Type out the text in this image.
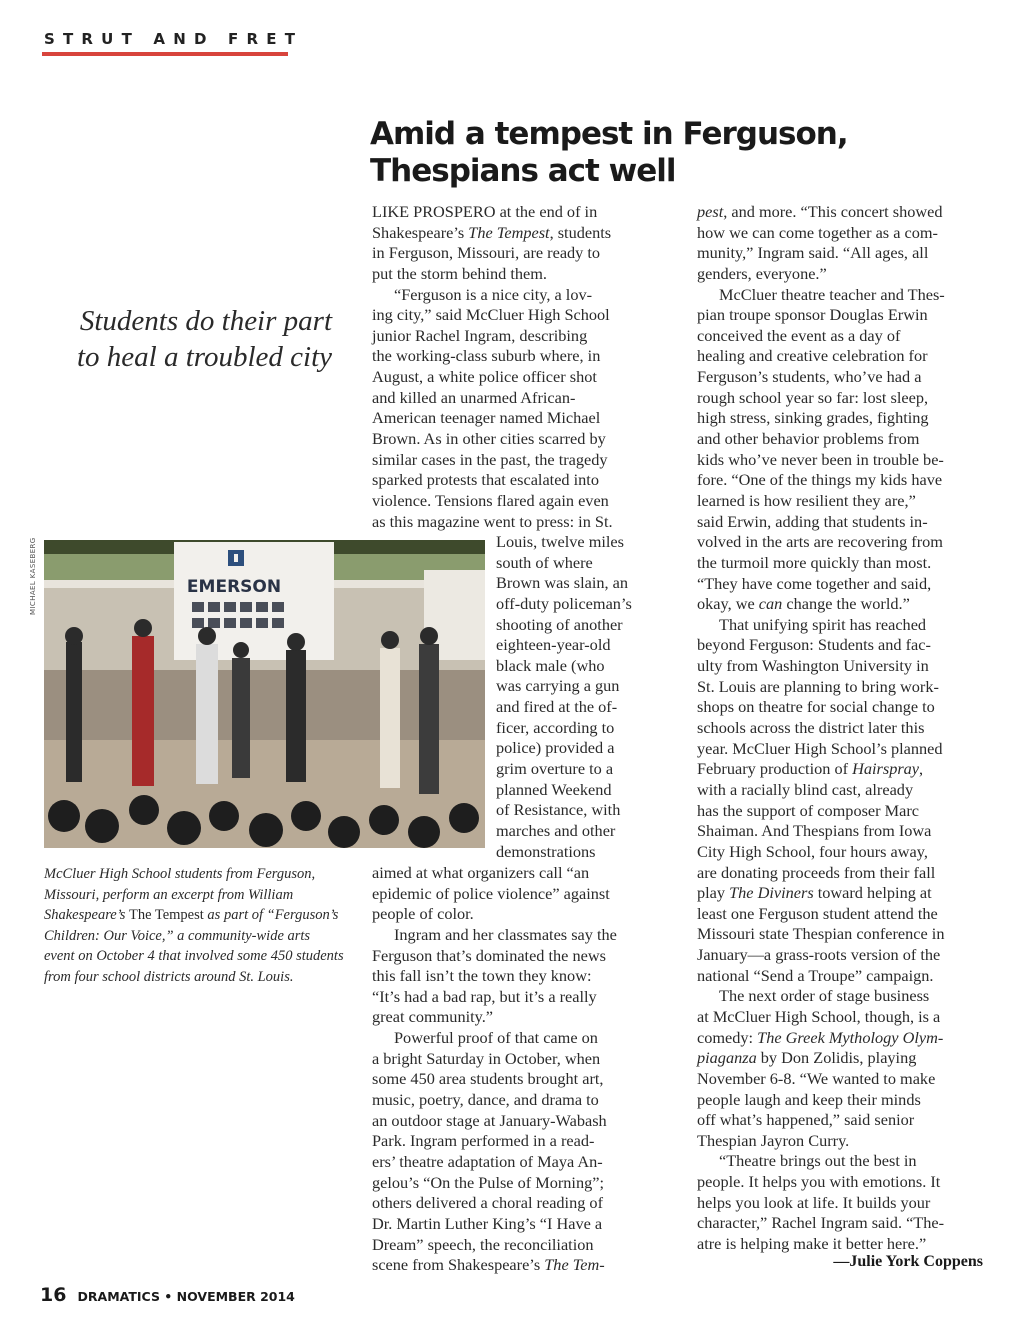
STRUT AND FRET
Amid a tempest in Ferguson,
Thespians act well
Students do their part
to heal a troubled city
MICHAEL KASEBERG	EMERSON
McCluer High School students from Ferguson, Missouri, perform an excerpt from William Shakespeare’s The Tempest as part of “Ferguson’s Children: Our Voice,” a community-wide arts event on October 4 that involved some 450 students from four school districts around St. Louis.
LIKE PROSPERO at the end of in
Shakespeare’s The Tempest, students
in Ferguson, Missouri, are ready to
put the storm behind them.
“Ferguson is a nice city, a lov-
ing city,” said McCluer High School
junior Rachel Ingram, describing
the working-class suburb where, in
August, a white police officer shot
and killed an unarmed African-
American teenager named Michael
Brown. As in other cities scarred by
similar cases in the past, the tragedy
sparked protests that escalated into
violence. Tensions flared again even
as this magazine went to press: in St.
Louis, twelve miles
south of where
Brown was slain, an
off-duty policeman’s
shooting of another
eighteen-year-old
black male (who
was carrying a gun
and fired at the of-
ficer, according to
police) provided a
grim overture to a
planned Weekend
of Resistance, with
marches and other
demonstrations
aimed at what organizers call “an
epidemic of police violence” against
people of color.
Ingram and her classmates say the
Ferguson that’s dominated the news
this fall isn’t the town they know:
“It’s had a bad rap, but it’s a really
great community.”
Powerful proof of that came on
a bright Saturday in October, when
some 450 area students brought art,
music, poetry, dance, and drama to
an outdoor stage at January-Wabash
Park. Ingram performed in a read-
ers’ theatre adaptation of Maya An-
gelou’s “On the Pulse of Morning”;
others delivered a choral reading of
Dr. Martin Luther King’s “I Have a
Dream” speech, the reconciliation
scene from Shakespeare’s The Tem-
pest, and more. “This concert showed
how we can come together as a com-
munity,” Ingram said. “All ages, all
genders, everyone.”
McCluer theatre teacher and Thes-
pian troupe sponsor Douglas Erwin
conceived the event as a day of
healing and creative celebration for
Ferguson’s students, who’ve had a
rough school year so far: lost sleep,
high stress, sinking grades, fighting
and other behavior problems from
kids who’ve never been in trouble be-
fore. “One of the things my kids have
learned is how resilient they are,”
said Erwin, adding that students in-
volved in the arts are recovering from
the turmoil more quickly than most.
“They have come together and said,
okay, we can change the world.”
That unifying spirit has reached
beyond Ferguson: Students and fac-
ulty from Washington University in
St. Louis are planning to bring work-
shops on theatre for social change to
schools across the district later this
year. McCluer High School’s planned
February production of Hairspray,
with a racially blind cast, already
has the support of composer Marc
Shaiman. And Thespians from Iowa
City High School, four hours away,
are donating proceeds from their fall
play The Diviners toward helping at
least one Ferguson student attend the
Missouri state Thespian conference in
January—a grass-roots version of the
national “Send a Troupe” campaign.
The next order of stage business
at McCluer High School, though, is a
comedy: The Greek Mythology Olym-
piaganza by Don Zolidis, playing
November 6-8. “We wanted to make
people laugh and keep their minds
off what’s happened,” said senior
Thespian Jayron Curry.
“Theatre brings out the best in
people. It helps you with emotions. It
helps you look at life. It builds your
character,” Rachel Ingram said. “The-
atre is helping make it better here.”
—Julie York Coppens
16 DRAMATICS • NOVEMBER 2014
